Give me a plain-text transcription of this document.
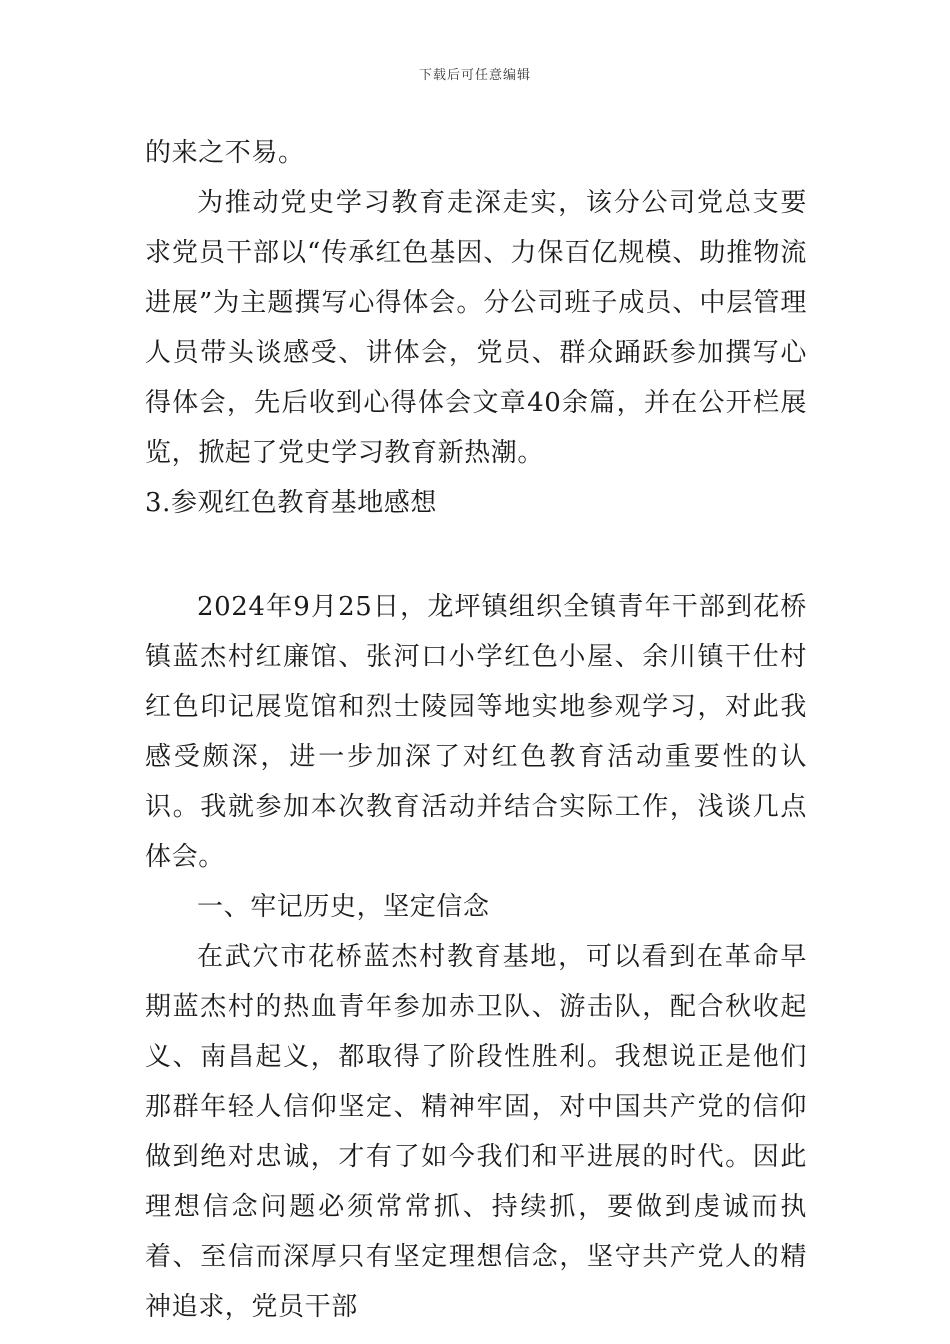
下载后可任意编辑

的来之不易。

为推动党史学习教育走深走实，该分公司党总支要求党员干部以“传承红色基因、力保百亿规模、助推物流进展”为主题撰写心得体会。分公司班子成员、中层管理人员带头谈感受、讲体会，党员、群众踊跃参加撰写心得体会，先后收到心得体会文章40余篇，并在公开栏展览，掀起了党史学习教育新热潮。

3.参观红色教育基地感想

2024年9月25日，龙坪镇组织全镇青年干部到花桥镇蓝杰村红廉馆、张河口小学红色小屋、余川镇干仕村红色印记展览馆和烈士陵园等地实地参观学习，对此我感受颇深，进一步加深了对红色教育活动重要性的认识。我就参加本次教育活动并结合实际工作，浅谈几点体会。

一、牢记历史，坚定信念

在武穴市花桥蓝杰村教育基地，可以看到在革命早期蓝杰村的热血青年参加赤卫队、游击队，配合秋收起义、南昌起义，都取得了阶段性胜利。我想说正是他们那群年轻人信仰坚定、精神牢固，对中国共产党的信仰做到绝对忠诚，才有了如今我们和平进展的时代。因此理想信念问题必须常常抓、持续抓，要做到虔诚而执着、至信而深厚只有坚定理想信念，坚守共产党人的精神追求，党员干部
